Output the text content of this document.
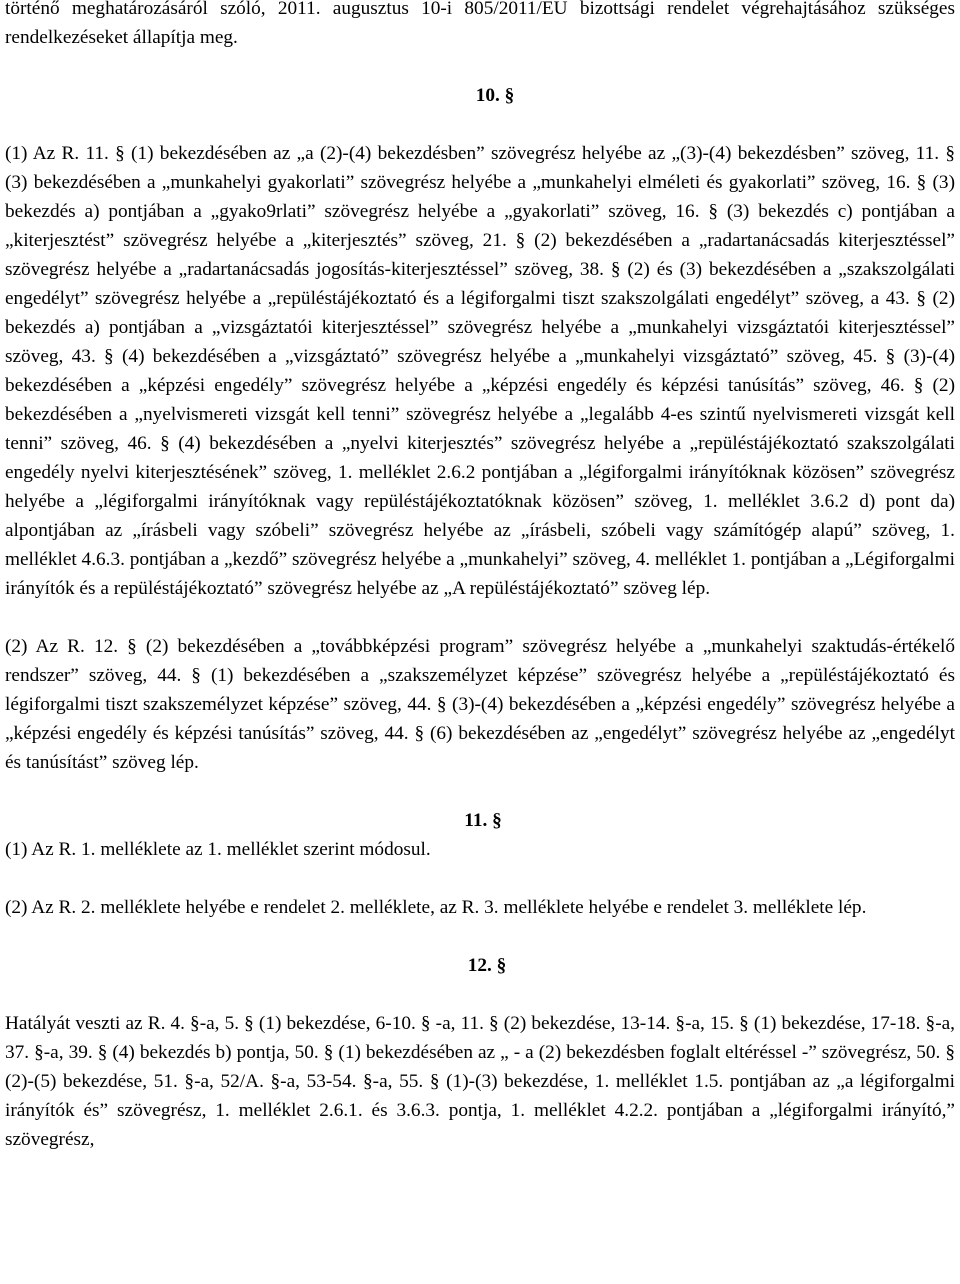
történő meghatározásáról szóló, 2011. augusztus 10-i 805/2011/EU bizottsági rendelet végrehajtásához szükséges rendelkezéseket állapítja meg.

10. §

(1) Az R. 11. § (1) bekezdésében az „a (2)-(4) bekezdésben” szövegrész helyébe az „(3)-(4) bekezdésben” szöveg, 11. § (3) bekezdésében a „munkahelyi gyakorlati” szövegrész helyébe a „munkahelyi elméleti és gyakorlati” szöveg, 16. § (3) bekezdés a) pontjában a „gyako9rlati” szövegrész helyébe a „gyakorlati” szöveg, 16. § (3) bekezdés c) pontjában a „kiterjesztést” szövegrész helyébe a „kiterjesztés” szöveg, 21. § (2) bekezdésében a „radartanácsadás kiterjesztéssel” szövegrész helyébe a „radartanácsadás jogosítás-kiterjesztéssel” szöveg, 38. § (2) és (3) bekezdésében a „szakszolgálati engedélyt” szövegrész helyébe a „repüléstájékoztató és a légiforgalmi tiszt szakszolgálati engedélyt” szöveg, a 43. § (2) bekezdés a) pontjában a „vizsgáztatói kiterjesztéssel” szövegrész helyébe a „munkahelyi vizsgáztatói kiterjesztéssel” szöveg, 43. § (4) bekezdésében a „vizsgáztató” szövegrész helyébe a „munkahelyi vizsgáztató” szöveg, 45. § (3)-(4) bekezdésében a „képzési engedély” szövegrész helyébe a „képzési engedély és képzési tanúsítás” szöveg, 46. § (2) bekezdésében a „nyelvismereti vizsgát kell tenni” szövegrész helyébe a „legalább 4-es szintű nyelvismereti vizsgát kell tenni” szöveg, 46. § (4) bekezdésében a „nyelvi kiterjesztés” szövegrész helyébe a „repüléstájékoztató szakszolgálati engedély nyelvi kiterjesztésének” szöveg, 1. melléklet 2.6.2 pontjában a „légiforgalmi irányítóknak közösen” szövegrész helyébe a „légiforgalmi irányítóknak vagy repüléstájékoztatóknak közösen” szöveg, 1. melléklet 3.6.2 d) pont da) alpontjában az „írásbeli vagy szóbeli” szövegrész helyébe az „írásbeli, szóbeli vagy számítógép alapú” szöveg, 1. melléklet 4.6.3. pontjában a „kezdő” szövegrész helyébe a „munkahelyi” szöveg, 4. melléklet 1. pontjában a „Légiforgalmi irányítók és a repüléstájékoztató” szövegrész helyébe az „A repüléstájékoztató” szöveg lép.

(2) Az R. 12. § (2) bekezdésében a „továbbképzési program” szövegrész helyébe a „munkahelyi szaktudás-értékelő rendszer” szöveg, 44. § (1) bekezdésében a „szakszemélyzet képzése” szövegrész helyébe a „repüléstájékoztató és légiforgalmi tiszt szakszemélyzet képzése” szöveg, 44. § (3)-(4) bekezdésében a „képzési engedély” szövegrész helyébe a „képzési engedély és képzési tanúsítás” szöveg, 44. § (6) bekezdésében az „engedélyt” szövegrész helyébe az „engedélyt és tanúsítást” szöveg lép.

11. §

(1) Az R. 1. melléklete az 1. melléklet szerint módosul.

(2) Az R. 2. melléklete helyébe e rendelet 2. melléklete, az R. 3. melléklete helyébe e rendelet 3. melléklete lép.

12. §

Hatályát veszti az R. 4. §-a, 5. § (1) bekezdése, 6-10. § -a, 11. § (2) bekezdése, 13-14. §-a, 15. § (1) bekezdése, 17-18. §-a, 37. §-a, 39. § (4) bekezdés b) pontja, 50. § (1) bekezdésében az „ - a (2) bekezdésben foglalt eltéréssel -” szövegrész, 50. § (2)-(5) bekezdése, 51. §-a, 52/A. §-a, 53-54. §-a, 55. § (1)-(3) bekezdése, 1. melléklet 1.5. pontjában az „a légiforgalmi irányítók és” szövegrész, 1. melléklet 2.6.1. és 3.6.3. pontja, 1. melléklet 4.2.2. pontjában a „légiforgalmi irányító,” szövegrész,
